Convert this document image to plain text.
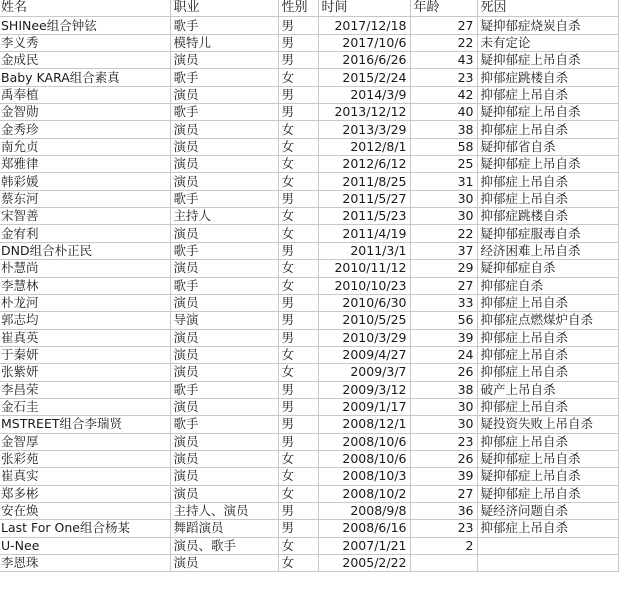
姓名	职业	性别	时间	年龄	死因
SHINee组合钟铉	歌手	男	2017/12/18	27	疑抑郁症烧炭自杀
李义秀	模特儿	男	2017/10/6	22	未有定论
金成民	演员	男	2016/6/26	43	疑抑郁症上吊自杀
Baby KARA组合素真	歌手	女	2015/2/24	23	抑郁症跳楼自杀
禹奉植	演员	男	2014/3/9	42	抑郁症上吊自杀
金智勋	歌手	男	2013/12/12	40	疑抑郁症上吊自杀
金秀珍	演员	女	2013/3/29	38	抑郁症上吊自杀
南允贞	演员	女	2012/8/1	58	疑抑郁省自杀
郑雅律	演员	女	2012/6/12	25	疑抑郁症上吊自杀
韩彩媛	演员	女	2011/8/25	31	抑郁症上吊自杀
蔡东河	歌手	男	2011/5/27	30	抑郁症上吊自杀
宋智善	主持人	女	2011/5/23	30	抑郁症跳楼自杀
金宥利	演员	女	2011/4/19	22	疑抑郁症服毒自杀
DND组合朴正民	歌手	男	2011/3/1	37	经济困难上吊自杀
朴慧尚	演员	女	2010/11/12	29	疑抑郁症自杀
李慧林	歌手	女	2010/10/23	27	抑郁症自杀
朴龙河	演员	男	2010/6/30	33	抑郁症上吊自杀
郭志均	导演	男	2010/5/25	56	抑郁症点燃煤炉自杀
崔真英	演员	男	2010/3/29	39	抑郁症上吊自杀
于秦妍	演员	女	2009/4/27	24	抑郁症上吊自杀
张紫妍	演员	女	2009/3/7	26	抑郁症上吊自杀
李昌荣	歌手	男	2009/3/12	38	破产上吊自杀
金石圭	演员	男	2009/1/17	30	抑郁症上吊自杀
MSTREET组合李瑞贤	歌手	男	2008/12/1	30	疑投资失败上吊自杀
金智厚	演员	男	2008/10/6	23	抑郁症上吊自杀
张彩苑	演员	女	2008/10/6	26	疑抑郁症上吊自杀
崔真实	演员	女	2008/10/3	39	疑抑郁症上吊自杀
郑多彬	演员	女	2008/10/2	27	疑抑郁症上吊自杀
安在焕	主持人、演员	男	2008/9/8	36	疑经济问题自杀
Last For One组合杨某	舞蹈演员	男	2008/6/16	23	抑郁症上吊自杀
U-Nee	演员、歌手	女	2007/1/21	2	
李恩珠	演员	女	2005/2/22		
